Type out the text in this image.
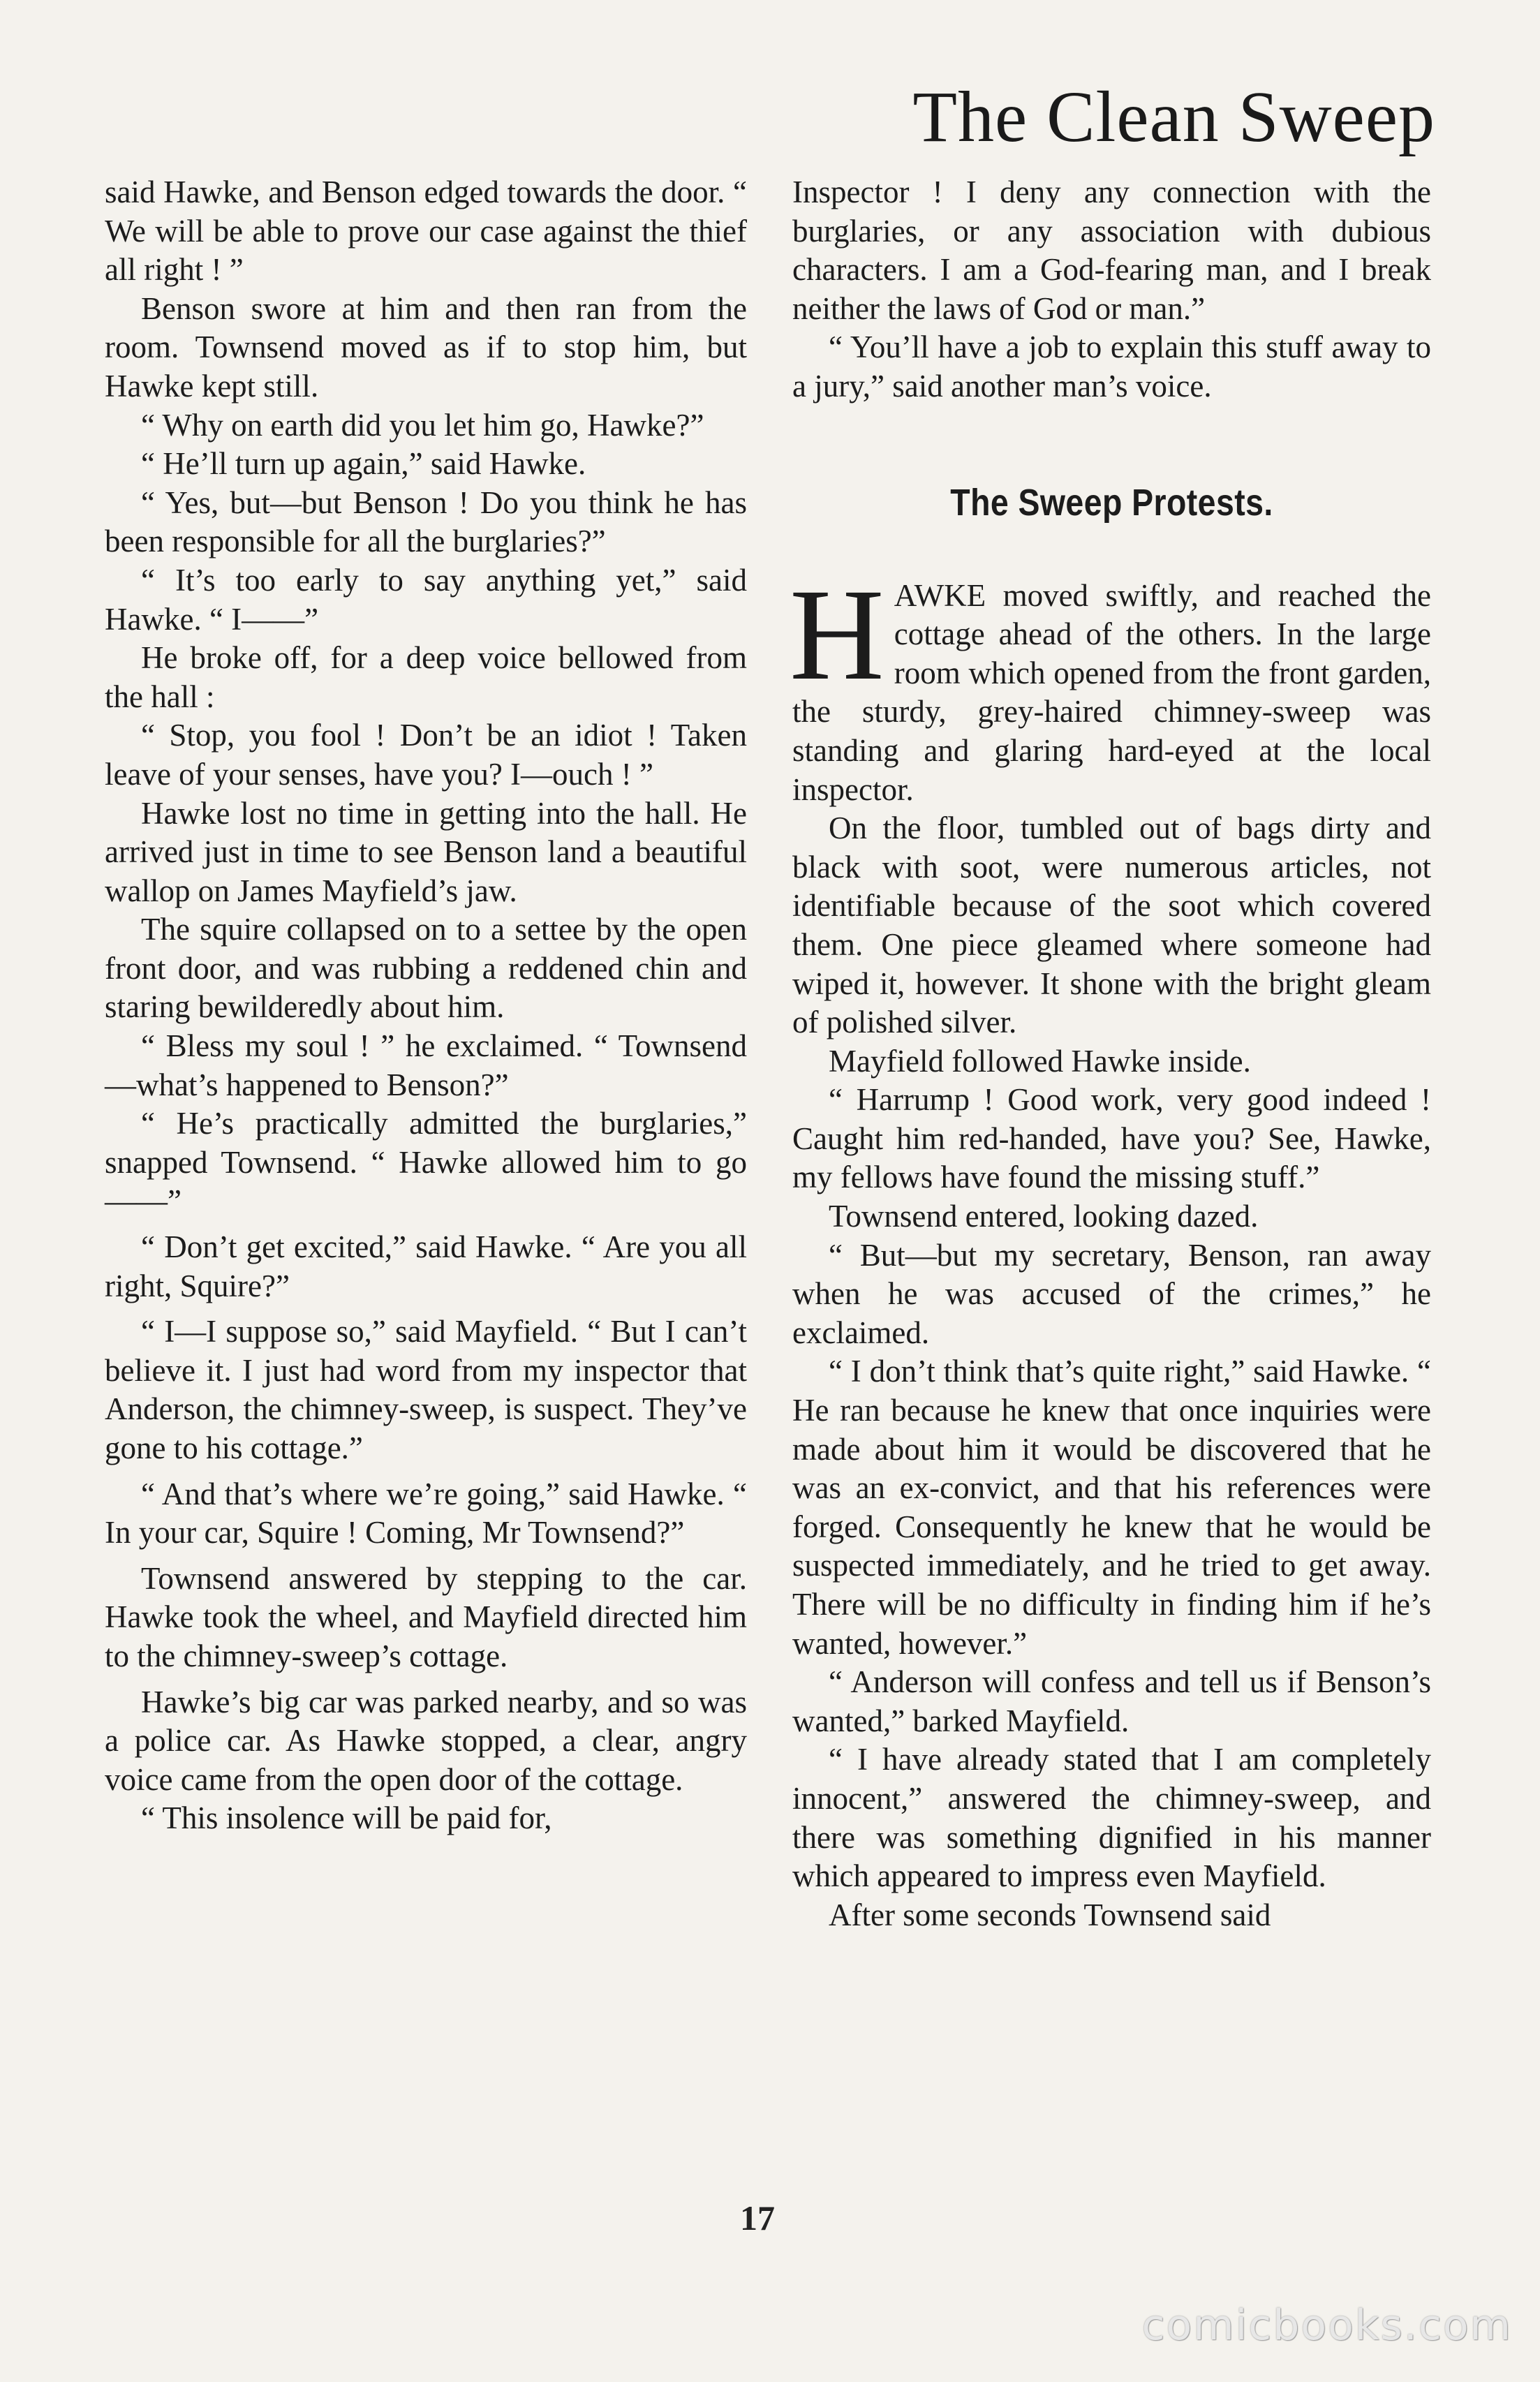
The Clean Sweep

said Hawke, and Benson edged towards the door. “ We will be able to prove our case against the thief all right ! ”

Benson swore at him and then ran from the room. Townsend moved as if to stop him, but Hawke kept still.

“ Why on earth did you let him go, Hawke?”

“ He’ll turn up again,” said Hawke.

“ Yes, but—but Benson ! Do you think he has been responsible for all the burglaries?”

“ It’s too early to say anything yet,” said Hawke. “ I——”

He broke off, for a deep voice bellowed from the hall :

“ Stop, you fool ! Don’t be an idiot ! Taken leave of your senses, have you? I—ouch ! ”

Hawke lost no time in getting into the hall. He arrived just in time to see Benson land a beautiful wallop on James Mayfield’s jaw.

The squire collapsed on to a settee by the open front door, and was rubbing a reddened chin and staring bewilderedly about him.

“ Bless my soul ! ” he exclaimed. “ Townsend—what’s happened to Benson?”

“ He’s practically admitted the burglaries,” snapped Townsend. “ Hawke allowed him to go——”

“ Don’t get excited,” said Hawke. “ Are you all right, Squire?”

“ I—I suppose so,” said Mayfield. “ But I can’t believe it. I just had word from my inspector that Anderson, the chimney-sweep, is suspect. They’ve gone to his cottage.”

“ And that’s where we’re going,” said Hawke. “ In your car, Squire ! Coming, Mr Townsend?”

Townsend answered by stepping to the car. Hawke took the wheel, and Mayfield directed him to the chimney-sweep’s cottage.

Hawke’s big car was parked nearby, and so was a police car. As Hawke stopped, a clear, angry voice came from the open door of the cottage.

“ This insolence will be paid for,

Inspector ! I deny any connection with the burglaries, or any association with dubious characters. I am a God-fearing man, and I break neither the laws of God or man.”

“ You’ll have a job to explain this stuff away to a jury,” said another man’s voice.

The Sweep Protests.

HAWKE moved swiftly, and reached the cottage ahead of the others. In the large room which opened from the front garden, the sturdy, grey-haired chimney-sweep was standing and glaring hard-eyed at the local inspector.

On the floor, tumbled out of bags dirty and black with soot, were numerous articles, not identifiable because of the soot which covered them. One piece gleamed where someone had wiped it, however. It shone with the bright gleam of polished silver.

Mayfield followed Hawke inside.

“ Harrump ! Good work, very good indeed ! Caught him red-handed, have you? See, Hawke, my fellows have found the missing stuff.”

Townsend entered, looking dazed.

“ But—but my secretary, Benson, ran away when he was accused of the crimes,” he exclaimed.

“ I don’t think that’s quite right,” said Hawke. “ He ran because he knew that once inquiries were made about him it would be discovered that he was an ex-convict, and that his references were forged. Consequently he knew that he would be suspected immediately, and he tried to get away. There will be no difficulty in finding him if he’s wanted, however.”

“ Anderson will confess and tell us if Benson’s wanted,” barked Mayfield.

“ I have already stated that I am completely innocent,” answered the chimney-sweep, and there was something dignified in his manner which appeared to impress even Mayfield.

After some seconds Townsend said

17
comicbooks.com
